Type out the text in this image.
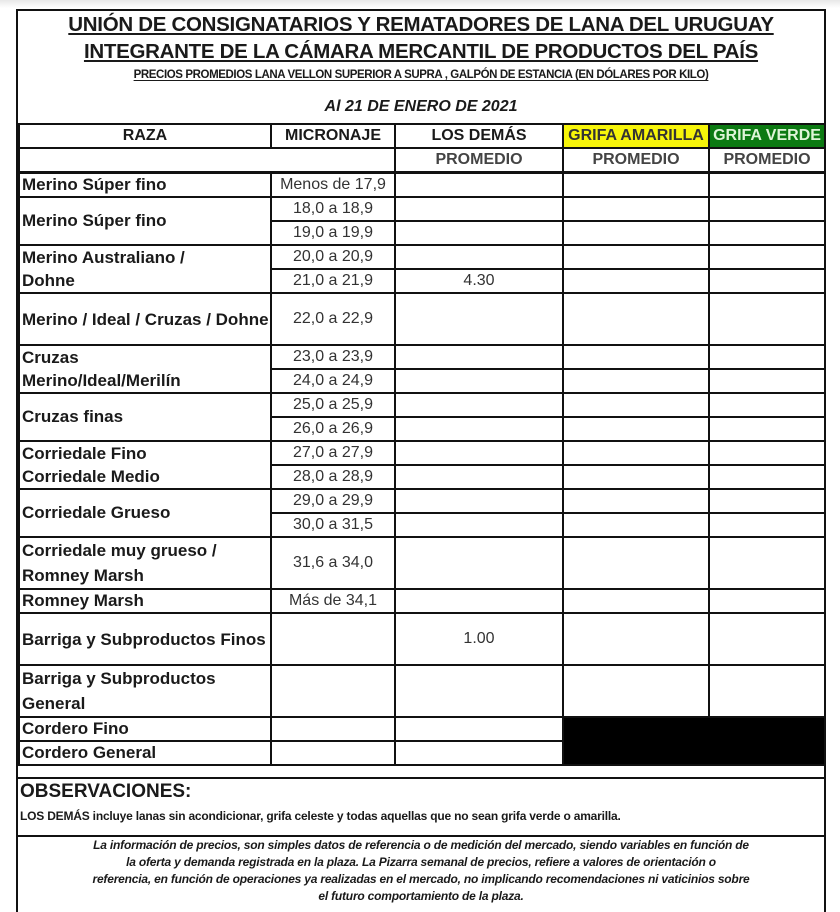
UNIÓN DE CONSIGNATARIOS Y REMATADORES DE LANA DEL URUGUAY
INTEGRANTE DE LA CÁMARA MERCANTIL DE PRODUCTOS DEL PAÍS
PRECIOS PROMEDIOS LANA VELLON SUPERIOR A SUPRA , GALPÓN DE ESTANCIA (EN DÓLARES POR KILO)
Al 21 DE ENERO DE 2021
RAZA	MICRONAJE	LOS DEMÁS	GRIFA AMARILLA	GRIFA VERDE
		PROMEDIO	PROMEDIO	PROMEDIO
Merino Súper fino	Menos de 17,9			
Merino Súper fino	18,0 a 18,9			
	19,0 a 19,9			
Merino Australiano /	20,0 a 20,9			
Dohne	21,0 a 21,9	4.30		
Merino / Ideal / Cruzas / Dohne	22,0 a 22,9			
Cruzas	23,0 a 23,9			
Merino/Ideal/Merilín	24,0 a 24,9			
Cruzas finas	25,0 a 25,9			
	26,0 a 26,9			
Corriedale Fino	27,0 a 27,9			
Corriedale Medio	28,0 a 28,9			
Corriedale Grueso	29,0 a 29,9			
	30,0 a 31,5			
Corriedale muy grueso / Romney Marsh	31,6 a 34,0			
Romney Marsh	Más de 34,1			
Barriga y Subproductos Finos		1.00		
Barriga y Subproductos General				
Cordero Fino				
Cordero General				
OBSERVACIONES:
LOS DEMÁS incluye lanas sin acondicionar, grifa celeste y todas aquellas que no sean grifa verde o amarilla.
La información de precios, son simples datos de referencia o de medición del mercado, siendo variables en función de
la oferta y demanda registrada en la plaza. La Pizarra semanal de precios, refiere a valores de orientación o
referencia, en función de operaciones ya realizadas en el mercado, no implicando recomendaciones ni vaticinios sobre
el futuro comportamiento de la plaza.
